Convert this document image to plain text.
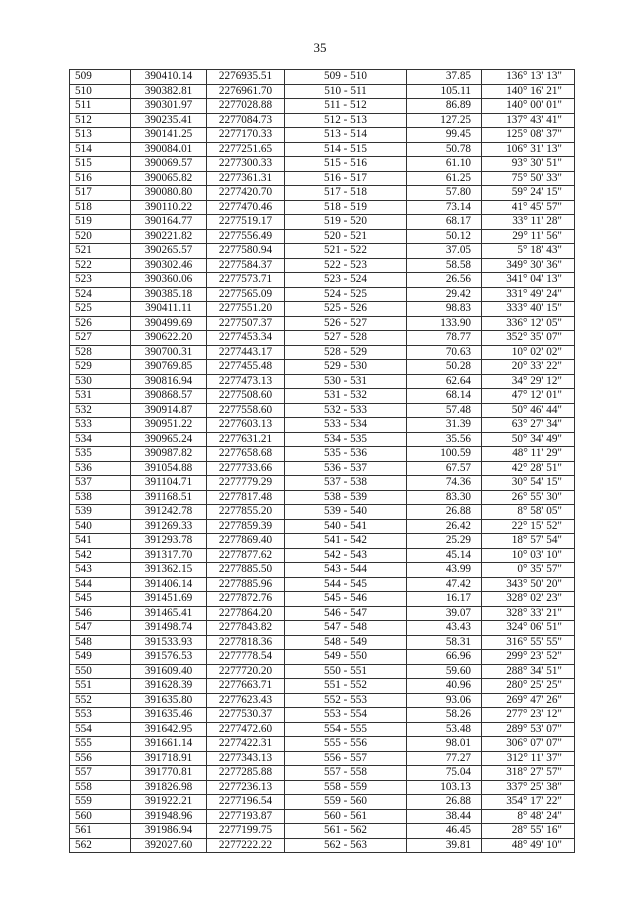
35
509	390410.14	2276935.51	509 - 510	37.85	136° 13' 13"
510	390382.81	2276961.70	510 - 511	105.11	140° 16' 21"
511	390301.97	2277028.88	511 - 512	86.89	140° 00' 01"
512	390235.41	2277084.73	512 - 513	127.25	137° 43' 41"
513	390141.25	2277170.33	513 - 514	99.45	125° 08' 37"
514	390084.01	2277251.65	514 - 515	50.78	106° 31' 13"
515	390069.57	2277300.33	515 - 516	61.10	93° 30' 51"
516	390065.82	2277361.31	516 - 517	61.25	75° 50' 33"
517	390080.80	2277420.70	517 - 518	57.80	59° 24' 15"
518	390110.22	2277470.46	518 - 519	73.14	41° 45' 57"
519	390164.77	2277519.17	519 - 520	68.17	33° 11' 28"
520	390221.82	2277556.49	520 - 521	50.12	29° 11' 56"
521	390265.57	2277580.94	521 - 522	37.05	5° 18' 43"
522	390302.46	2277584.37	522 - 523	58.58	349° 30' 36"
523	390360.06	2277573.71	523 - 524	26.56	341° 04' 13"
524	390385.18	2277565.09	524 - 525	29.42	331° 49' 24"
525	390411.11	2277551.20	525 - 526	98.83	333° 40' 15"
526	390499.69	2277507.37	526 - 527	133.90	336° 12' 05"
527	390622.20	2277453.34	527 - 528	78.77	352° 35' 07"
528	390700.31	2277443.17	528 - 529	70.63	10° 02' 02"
529	390769.85	2277455.48	529 - 530	50.28	20° 33' 22"
530	390816.94	2277473.13	530 - 531	62.64	34° 29' 12"
531	390868.57	2277508.60	531 - 532	68.14	47° 12' 01"
532	390914.87	2277558.60	532 - 533	57.48	50° 46' 44"
533	390951.22	2277603.13	533 - 534	31.39	63° 27' 34"
534	390965.24	2277631.21	534 - 535	35.56	50° 34' 49"
535	390987.82	2277658.68	535 - 536	100.59	48° 11' 29"
536	391054.88	2277733.66	536 - 537	67.57	42° 28' 51"
537	391104.71	2277779.29	537 - 538	74.36	30° 54' 15"
538	391168.51	2277817.48	538 - 539	83.30	26° 55' 30"
539	391242.78	2277855.20	539 - 540	26.88	8° 58' 05"
540	391269.33	2277859.39	540 - 541	26.42	22° 15' 52"
541	391293.78	2277869.40	541 - 542	25.29	18° 57' 54"
542	391317.70	2277877.62	542 - 543	45.14	10° 03' 10"
543	391362.15	2277885.50	543 - 544	43.99	0° 35' 57"
544	391406.14	2277885.96	544 - 545	47.42	343° 50' 20"
545	391451.69	2277872.76	545 - 546	16.17	328° 02' 23"
546	391465.41	2277864.20	546 - 547	39.07	328° 33' 21"
547	391498.74	2277843.82	547 - 548	43.43	324° 06' 51"
548	391533.93	2277818.36	548 - 549	58.31	316° 55' 55"
549	391576.53	2277778.54	549 - 550	66.96	299° 23' 52"
550	391609.40	2277720.20	550 - 551	59.60	288° 34' 51"
551	391628.39	2277663.71	551 - 552	40.96	280° 25' 25"
552	391635.80	2277623.43	552 - 553	93.06	269° 47' 26"
553	391635.46	2277530.37	553 - 554	58.26	277° 23' 12"
554	391642.95	2277472.60	554 - 555	53.48	289° 53' 07"
555	391661.14	2277422.31	555 - 556	98.01	306° 07' 07"
556	391718.91	2277343.13	556 - 557	77.27	312° 11' 37"
557	391770.81	2277285.88	557 - 558	75.04	318° 27' 57"
558	391826.98	2277236.13	558 - 559	103.13	337° 25' 38"
559	391922.21	2277196.54	559 - 560	26.88	354° 17' 22"
560	391948.96	2277193.87	560 - 561	38.44	8° 48' 24"
561	391986.94	2277199.75	561 - 562	46.45	28° 55' 16"
562	392027.60	2277222.22	562 - 563	39.81	48° 49' 10"
